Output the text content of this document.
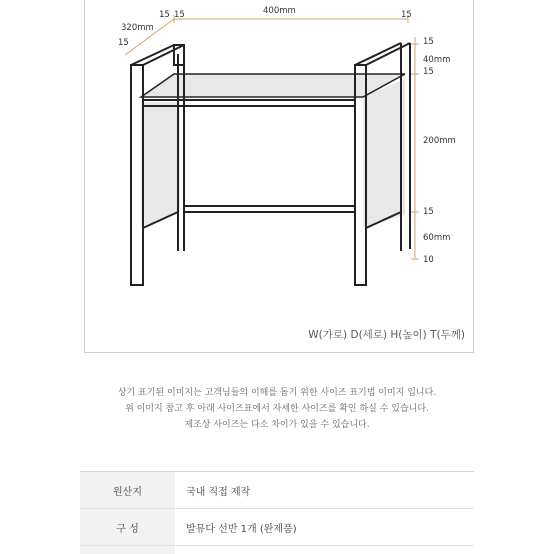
320mm
15 15	400mm	15
15	15
40mm
15
200mm
15
60mm
10
W(가로) D(세로) H(높이) T(두께)
상기 표기된 이미지는 고객님들의 이해를 돕기 위한 사이즈 표기법 이미지 입니다.
위 이미지 참고 후 아래 사이즈표에서 자세한 사이즈를 확인 하실 수 있습니다.
제조상 사이즈는 다소 차이가 있을 수 있습니다.
원산지	국내 직접 제작
구 성	발뮤다 선반 1개 (완제품)
